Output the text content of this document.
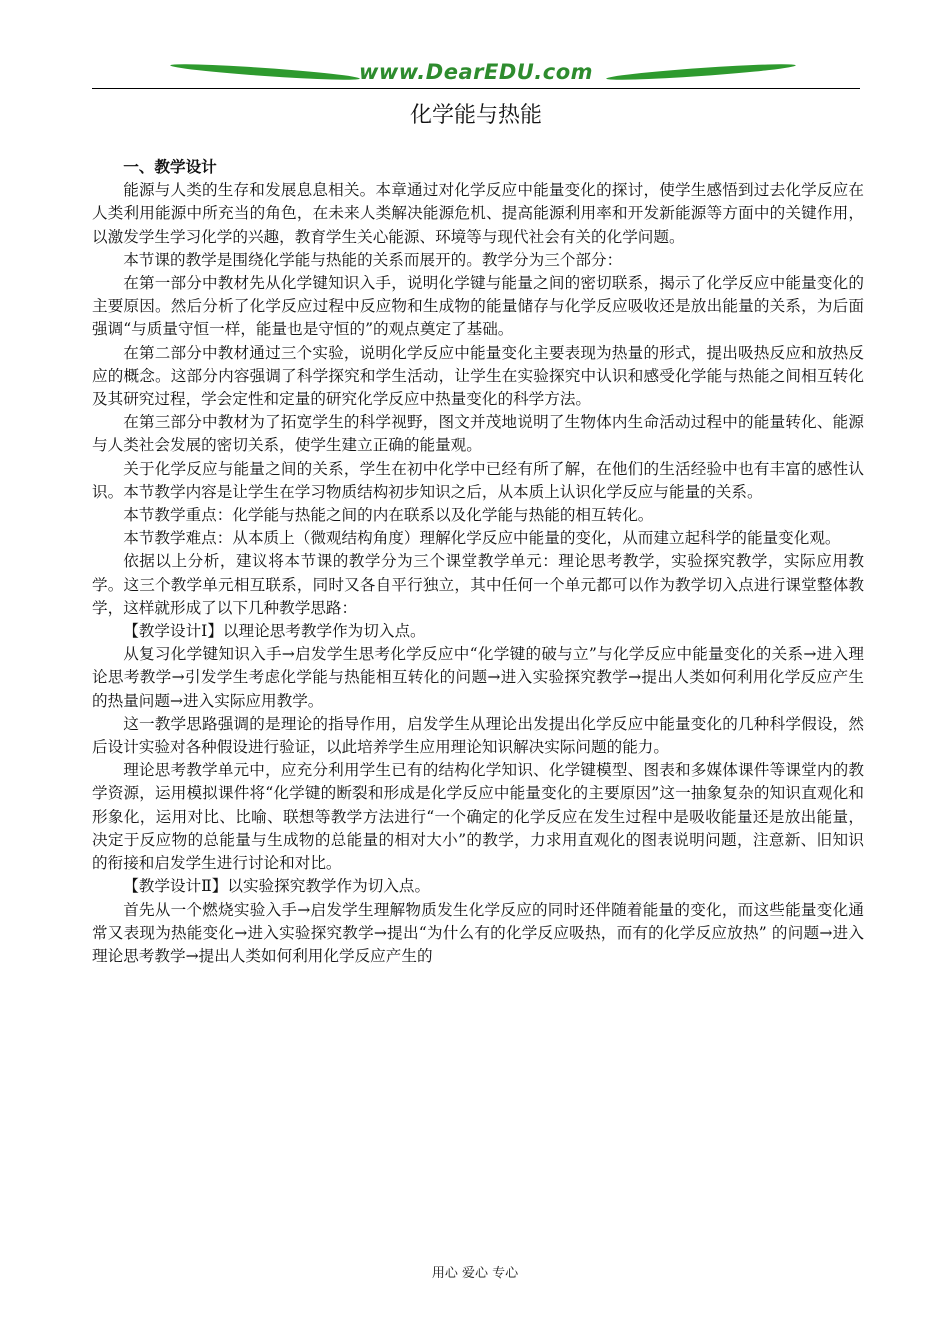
www.DearEDU.com
化学能与热能
一、教学设计

能源与人类的生存和发展息息相关。本章通过对化学反应中能量变化的探讨，使学生感悟到过去化学反应在人类利用能源中所充当的角色，在未来人类解决能源危机、提高能源利用率和开发新能源等方面中的关键作用，以激发学生学习化学的兴趣，教育学生关心能源、环境等与现代社会有关的化学问题。

本节课的教学是围绕化学能与热能的关系而展开的。教学分为三个部分：

在第一部分中教材先从化学键知识入手，说明化学键与能量之间的密切联系，揭示了化学反应中能量变化的主要原因。然后分析了化学反应过程中反应物和生成物的能量储存与化学反应吸收还是放出能量的关系，为后面强调“与质量守恒一样，能量也是守恒的”的观点奠定了基础。

在第二部分中教材通过三个实验，说明化学反应中能量变化主要表现为热量的形式，提出吸热反应和放热反应的概念。这部分内容强调了科学探究和学生活动，让学生在实验探究中认识和感受化学能与热能之间相互转化及其研究过程，学会定性和定量的研究化学反应中热量变化的科学方法。

在第三部分中教材为了拓宽学生的科学视野，图文并茂地说明了生物体内生命活动过程中的能量转化、能源与人类社会发展的密切关系，使学生建立正确的能量观。

关于化学反应与能量之间的关系，学生在初中化学中已经有所了解，在他们的生活经验中也有丰富的感性认识。本节教学内容是让学生在学习物质结构初步知识之后，从本质上认识化学反应与能量的关系。

本节教学重点：化学能与热能之间的内在联系以及化学能与热能的相互转化。

本节教学难点：从本质上（微观结构角度）理解化学反应中能量的变化，从而建立起科学的能量变化观。

依据以上分析，建议将本节课的教学分为三个课堂教学单元：理论思考教学，实验探究教学，实际应用教学。这三个教学单元相互联系，同时又各自平行独立，其中任何一个单元都可以作为教学切入点进行课堂整体教学，这样就形成了以下几种教学思路：

【教学设计Ⅰ】以理论思考教学作为切入点。

从复习化学键知识入手→启发学生思考化学反应中“化学键的破与立”与化学反应中能量变化的关系→进入理论思考教学→引发学生考虑化学能与热能相互转化的问题→进入实验探究教学→提出人类如何利用化学反应产生的热量问题→进入实际应用教学。

这一教学思路强调的是理论的指导作用，启发学生从理论出发提出化学反应中能量变化的几种科学假设，然后设计实验对各种假设进行验证，以此培养学生应用理论知识解决实际问题的能力。

理论思考教学单元中，应充分利用学生已有的结构化学知识、化学键模型、图表和多媒体课件等课堂内的教学资源，运用模拟课件将“化学键的断裂和形成是化学反应中能量变化的主要原因”这一抽象复杂的知识直观化和形象化，运用对比、比喻、联想等教学方法进行“一个确定的化学反应在发生过程中是吸收能量还是放出能量，决定于反应物的总能量与生成物的总能量的相对大小”的教学，力求用直观化的图表说明问题，注意新、旧知识的衔接和启发学生进行讨论和对比。

【教学设计Ⅱ】以实验探究教学作为切入点。

首先从一个燃烧实验入手→启发学生理解物质发生化学反应的同时还伴随着能量的变化，而这些能量变化通常又表现为热能变化→进入实验探究教学→提出“为什么有的化学反应吸热，而有的化学反应放热” 的问题→进入理论思考教学→提出人类如何利用化学反应产生的

用心 爱心 专心
